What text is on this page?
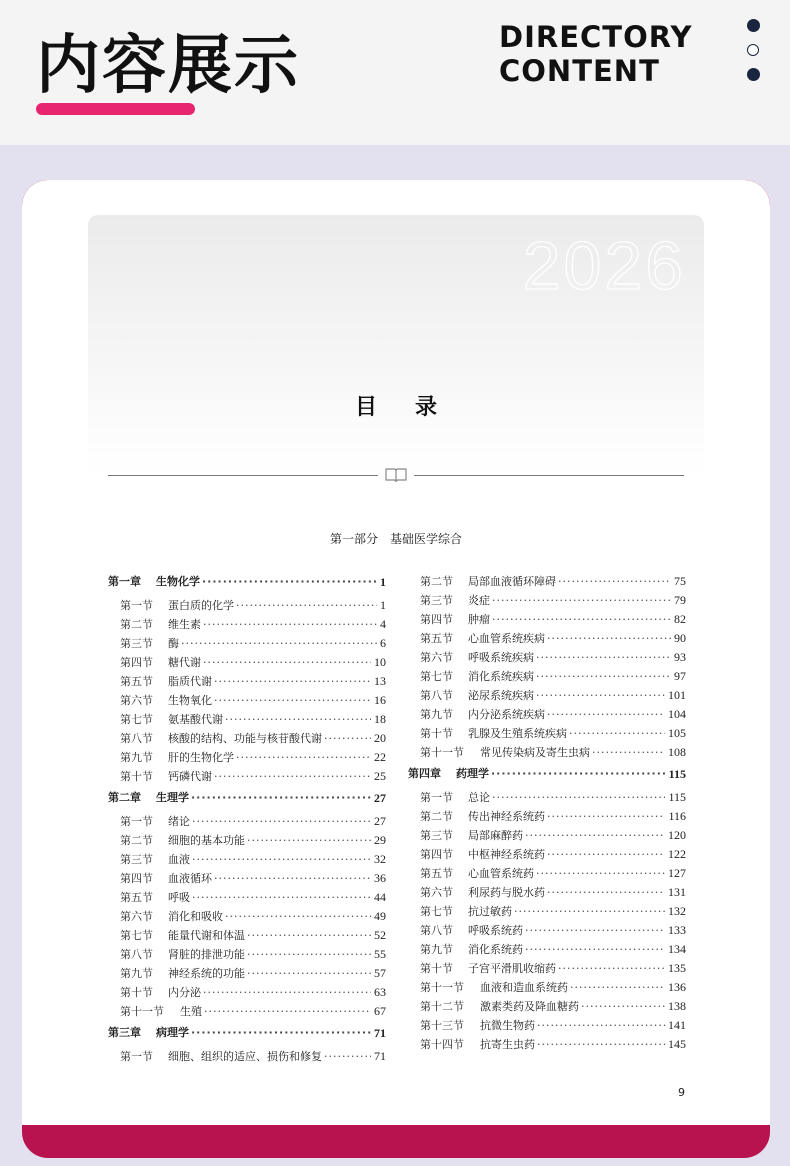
内容展示	DIRECTORY
CONTENT
2026
目录
第一部分　基础医学综合
第一章	生物化学 ·····	1
第一节	蛋白质的化学 ·····	1
第二节	维生素 ·····	4
第三节	酶 ·····	6
第四节	糖代谢 ·····	10
第五节	脂质代谢 ·····	13
第六节	生物氧化 ·····	16
第七节	氨基酸代谢 ·····	18
第八节	核酸的结构、功能与核苷酸代谢 ·····	20
第九节	肝的生物化学 ·····	22
第十节	钙磷代谢 ·····	25
第二章	生理学 ·····	27
第一节	绪论 ·····	27
第二节	细胞的基本功能 ·····	29
第三节	血液 ·····	32
第四节	血液循环 ·····	36
第五节	呼吸 ·····	44
第六节	消化和吸收 ·····	49
第七节	能量代谢和体温 ·····	52
第八节	肾脏的排泄功能 ·····	55
第九节	神经系统的功能 ·····	57
第十节	内分泌 ·····	63
第十一节	生殖 ·····	67
第三章	病理学 ·····	71
第一节	细胞、组织的适应、损伤和修复 ·····	71
第二节	局部血液循环障碍 ·····	75
第三节	炎症 ·····	79
第四节	肿瘤 ·····	82
第五节	心血管系统疾病 ·····	90
第六节	呼吸系统疾病 ·····	93
第七节	消化系统疾病 ·····	97
第八节	泌尿系统疾病 ·····	101
第九节	内分泌系统疾病 ·····	104
第十节	乳腺及生殖系统疾病 ·····	105
第十一节	常见传染病及寄生虫病 ·····	108
第四章	药理学 ·····	115
第一节	总论 ·····	115
第二节	传出神经系统药 ·····	116
第三节	局部麻醉药 ·····	120
第四节	中枢神经系统药 ·····	122
第五节	心血管系统药 ·····	127
第六节	利尿药与脱水药 ·····	131
第七节	抗过敏药 ·····	132
第八节	呼吸系统药 ·····	133
第九节	消化系统药 ·····	134
第十节	子宫平滑肌收缩药 ·····	135
第十一节	血液和造血系统药 ·····	136
第十二节	激素类药及降血糖药 ·····	138
第十三节	抗微生物药 ·····	141
第十四节	抗寄生虫药 ·····	145
9
